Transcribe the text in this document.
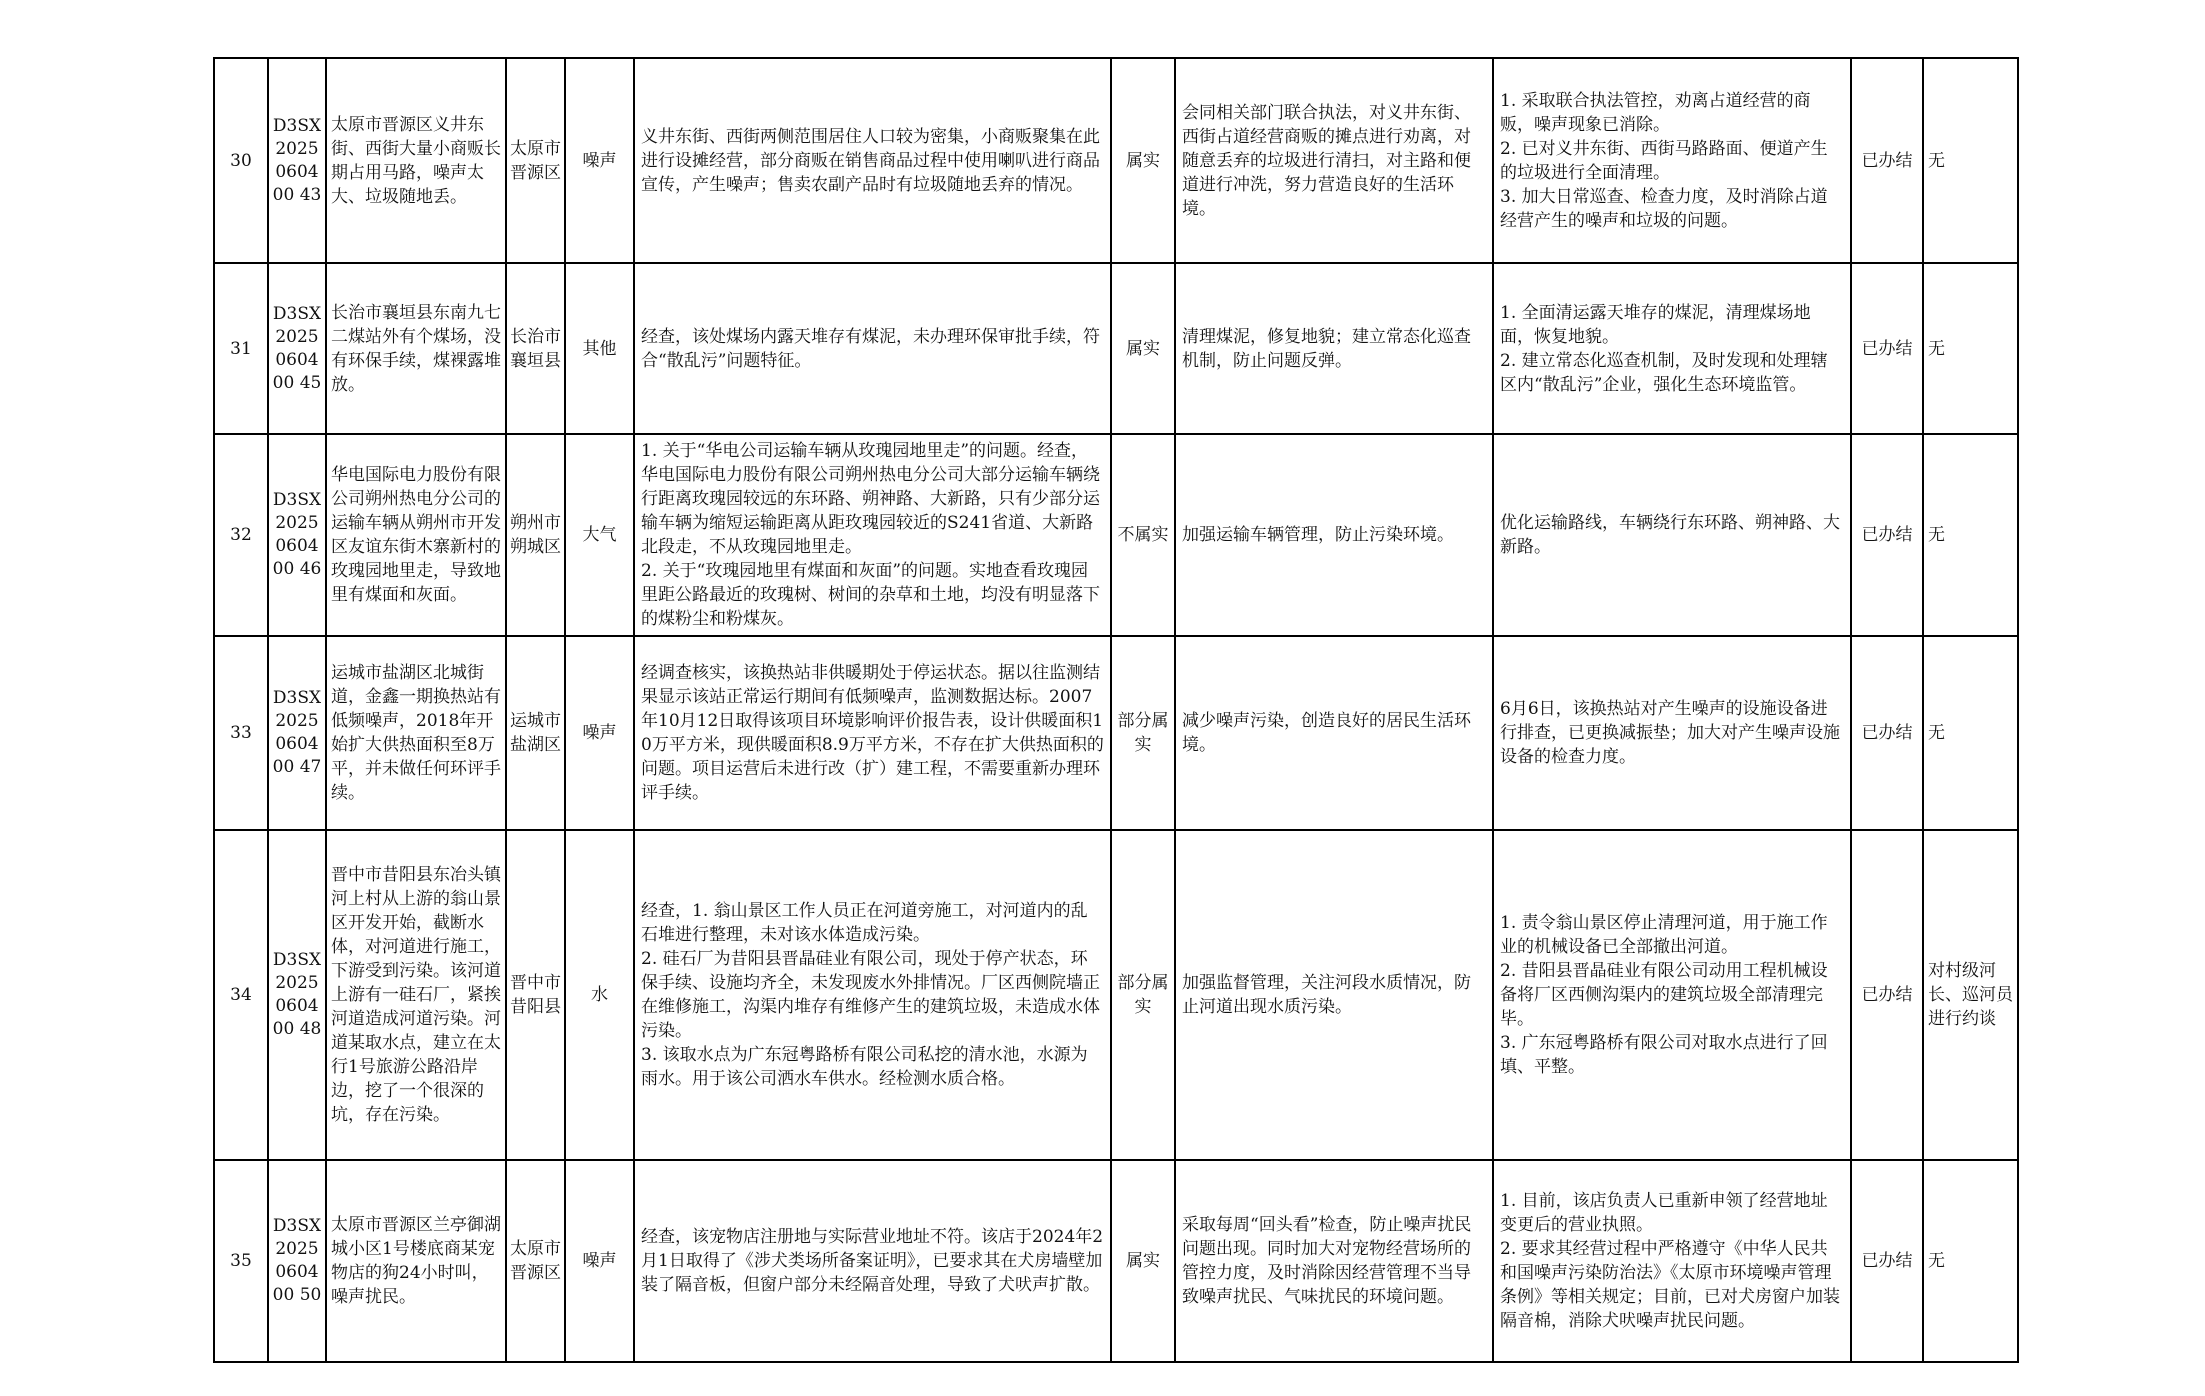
30	D3SX2025060400 43	太原市晋源区义井东街、西街大量小商贩长期占用马路，噪声太大、垃圾随地丢。	太原市晋源区	噪声	义井东街、西街两侧范围居住人口较为密集，小商贩聚集在此进行设摊经营，部分商贩在销售商品过程中使用喇叭进行商品宣传，产生噪声；售卖农副产品时有垃圾随地丢弃的情况。	属实	会同相关部门联合执法，对义井东街、西街占道经营商贩的摊点进行劝离，对随意丢弃的垃圾进行清扫，对主路和便道进行冲洗，努力营造良好的生活环境。	1. 采取联合执法管控，劝离占道经营的商贩，噪声现象已消除。
2. 已对义井东街、西街马路路面、便道产生的垃圾进行全面清理。
3. 加大日常巡查、检查力度，及时消除占道经营产生的噪声和垃圾的问题。	已办结	无
31	D3SX2025060400 45	长治市襄垣县东南九七二煤站外有个煤场，没有环保手续，煤裸露堆放。	长治市襄垣县	其他	经查，该处煤场内露天堆存有煤泥，未办理环保审批手续，符合“散乱污”问题特征。	属实	清理煤泥，修复地貌；建立常态化巡查机制，防止问题反弹。	1. 全面清运露天堆存的煤泥，清理煤场地面，恢复地貌。
2. 建立常态化巡查机制，及时发现和处理辖区内“散乱污”企业，强化生态环境监管。	已办结	无
32	D3SX2025060400 46	华电国际电力股份有限公司朔州热电分公司的运输车辆从朔州市开发区友谊东街木寨新村的玫瑰园地里走，导致地里有煤面和灰面。	朔州市朔城区	大气	1. 关于“华电公司运输车辆从玫瑰园地里走”的问题。经查，华电国际电力股份有限公司朔州热电分公司大部分运输车辆绕行距离玫瑰园较远的东环路、朔神路、大新路，只有少部分运输车辆为缩短运输距离从距玫瑰园较近的S241省道、大新路北段走，不从玫瑰园地里走。
2. 关于“玫瑰园地里有煤面和灰面”的问题。实地查看玫瑰园里距公路最近的玫瑰树、树间的杂草和土地，均没有明显落下的煤粉尘和粉煤灰。	不属实	加强运输车辆管理，防止污染环境。	优化运输路线，车辆绕行东环路、朔神路、大新路。	已办结	无
33	D3SX2025060400 47	运城市盐湖区北城街道，金鑫一期换热站有低频噪声，2018年开始扩大供热面积至8万平，并未做任何环评手续。	运城市盐湖区	噪声	经调查核实，该换热站非供暖期处于停运状态。据以往监测结果显示该站正常运行期间有低频噪声，监测数据达标。2007年10月12日取得该项目环境影响评价报告表，设计供暖面积10万平方米，现供暖面积8.9万平方米，不存在扩大供热面积的问题。项目运营后未进行改（扩）建工程，不需要重新办理环评手续。	部分属实	减少噪声污染，创造良好的居民生活环境。	6月6日，该换热站对产生噪声的设施设备进行排查，已更换减振垫；加大对产生噪声设施设备的检查力度。	已办结	无
34	D3SX2025060400 48	晋中市昔阳县东冶头镇河上村从上游的翁山景区开发开始，截断水体，对河道进行施工，下游受到污染。该河道上游有一硅石厂，紧挨河道造成河道污染。河道某取水点，建立在太行1号旅游公路沿岸边，挖了一个很深的坑，存在污染。	晋中市昔阳县	水	经查，1. 翁山景区工作人员正在河道旁施工，对河道内的乱石堆进行整理，未对该水体造成污染。
2. 硅石厂为昔阳县晋晶硅业有限公司，现处于停产状态，环保手续、设施均齐全，未发现废水外排情况。厂区西侧院墙正在维修施工，沟渠内堆存有维修产生的建筑垃圾，未造成水体污染。
3. 该取水点为广东冠粤路桥有限公司私挖的清水池，水源为雨水。用于该公司洒水车供水。经检测水质合格。	部分属实	加强监督管理，关注河段水质情况，防止河道出现水质污染。	1. 责令翁山景区停止清理河道，用于施工作业的机械设备已全部撤出河道。
2. 昔阳县晋晶硅业有限公司动用工程机械设备将厂区西侧沟渠内的建筑垃圾全部清理完毕。
3. 广东冠粤路桥有限公司对取水点进行了回填、平整。	已办结	对村级河长、巡河员进行约谈
35	D3SX2025060400 50	太原市晋源区兰亭御湖城小区1号楼底商某宠物店的狗24小时叫，噪声扰民。	太原市晋源区	噪声	经查，该宠物店注册地与实际营业地址不符。该店于2024年2月1日取得了《涉犬类场所备案证明》，已要求其在犬房墙壁加装了隔音板，但窗户部分未经隔音处理，导致了犬吠声扩散。	属实	采取每周“回头看”检查，防止噪声扰民问题出现。同时加大对宠物经营场所的管控力度，及时消除因经营管理不当导致噪声扰民、气味扰民的环境问题。	1. 目前，该店负责人已重新申领了经营地址变更后的营业执照。
2. 要求其经营过程中严格遵守《中华人民共和国噪声污染防治法》《太原市环境噪声管理条例》等相关规定；目前，已对犬房窗户加装隔音棉，消除犬吠噪声扰民问题。	已办结	无
